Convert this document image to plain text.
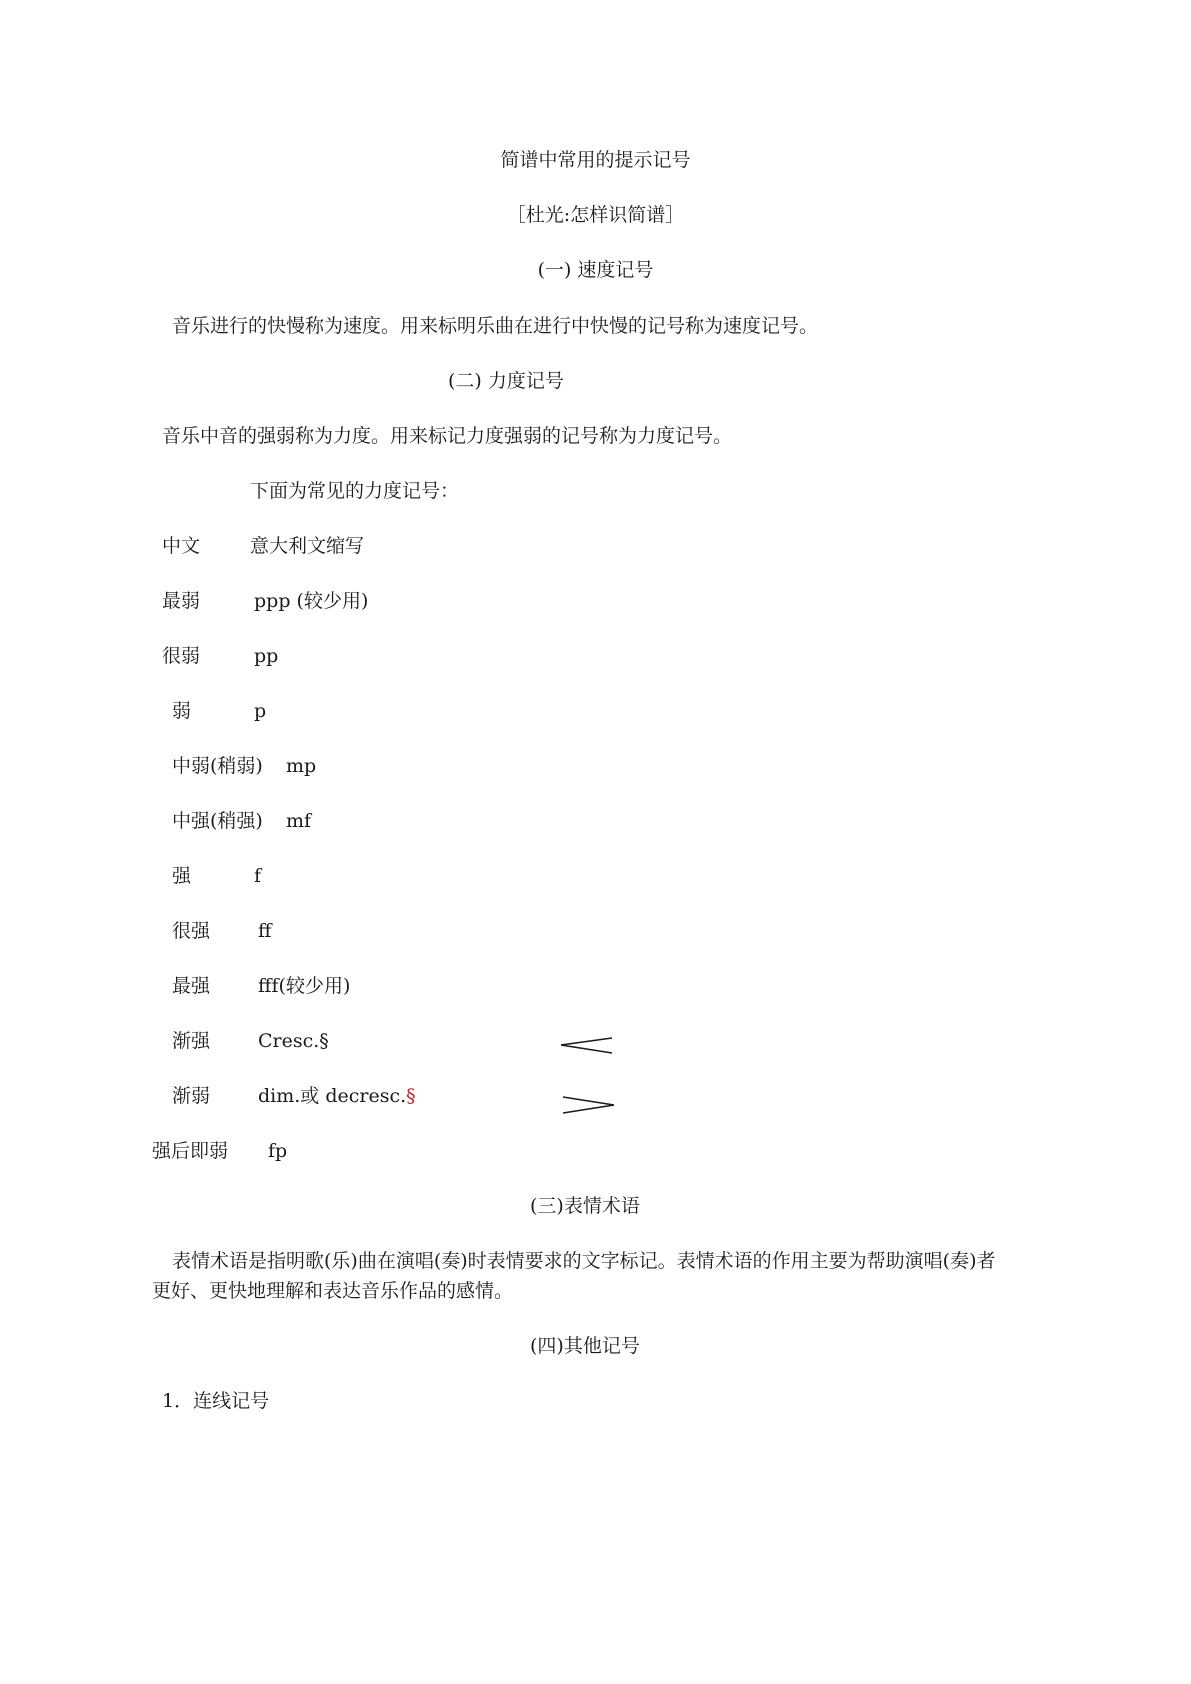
简谱中常用的提示记号
［杜光:怎样识简谱］
(一) 速度记号
音乐进行的快慢称为速度。用来标明乐曲在进行中快慢的记号称为速度记号。
(二) 力度记号
音乐中音的强弱称为力度。用来标记力度强弱的记号称为力度记号。
下面为常见的力度记号：
中文	意大利文缩写
最弱	ppp (较少用)
很弱	pp
弱	p
中弱(稍弱) mp
中强(稍强) mf
强	f
很强	ff
最强	fff(较少用)
渐强	Cresc.§
渐弱	dim.或 decresc.§
强后即弱 fp
(三)表情术语
表情术语是指明歌(乐)曲在演唱(奏)时表情要求的文字标记。表情术语的作用主要为帮助演唱(奏)者
更好、更快地理解和表达音乐作品的感情。
(四)其他记号
1．连线记号
